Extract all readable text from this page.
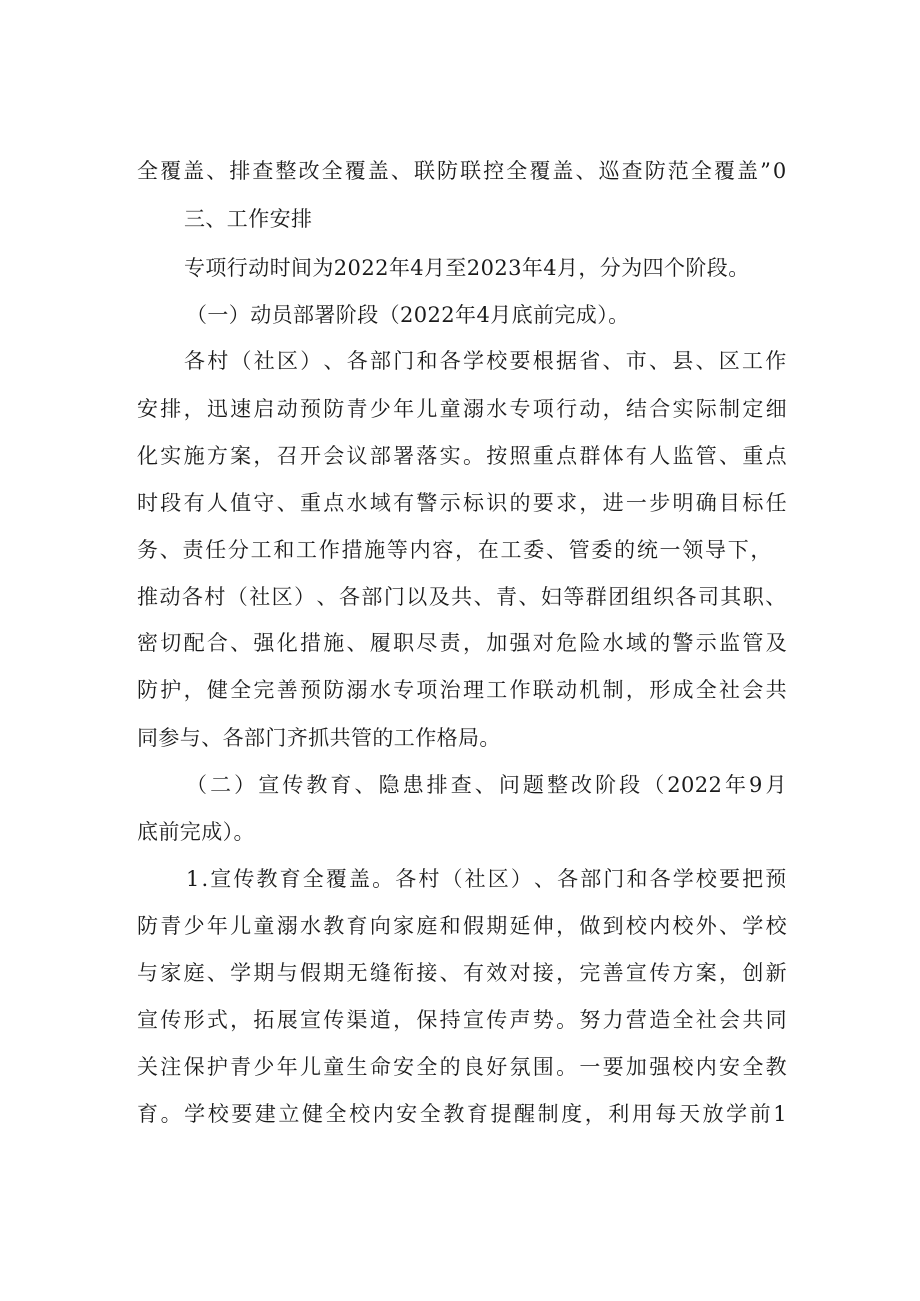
全 覆 盖 、 排 查 整 改 全 覆 盖 、 联 防 联 控 全 覆 盖 、 巡 查 防 范 全 覆 盖 ” 0
三、工作安排
专项行动时间为2022年4月至2023年4月，分为四个阶段。
（一）动员部署阶段（2022年4月底前完成）。
各 村 （ 社 区 ） 、 各 部 门 和 各 学 校 要 根 据 省 、 市 、 县 、 区 工 作
安 排 ， 迅 速 启 动 预 防 青 少 年 儿 童 溺 水 专 项 行 动 ， 结 合 实 际 制 定 细
化 实 施 方 案 ， 召 开 会 议 部 署 落 实 。 按 照 重 点 群 体 有 人 监 管 、 重 点
时 段 有 人 值 守 、 重 点 水 域 有 警 示 标 识 的 要 求 ， 进 一 步 明 确 目 标 任
务 、 责 任 分 工 和 工 作 措 施 等 内 容 ， 在 工 委 、 管 委 的 统 一 领 导 下 ，
推 动 各 村 （ 社 区 ） 、 各 部 门 以 及 共 、 青 、 妇 等 群 团 组 织 各 司 其 职 、
密 切 配 合 、 强 化 措 施 、 履 职 尽 责 ， 加 强 对 危 险 水 域 的 警 示 监 管 及
防 护 ， 健 全 完 善 预 防 溺 水 专 项 治 理 工 作 联 动 机 制 ， 形 成 全 社 会 共
同参与、各部门齐抓共管的工作格局。
（ 二 ） 宣 传 教 育 、 隐 患 排 查 、 问 题 整 改 阶 段 （ 2022 年 9 月
底前完成）。
1 . 宣 传 教 育 全 覆 盖 。 各 村 （ 社 区 ） 、 各 部 门 和 各 学 校 要 把 预
防 青 少 年 儿 童 溺 水 教 育 向 家 庭 和 假 期 延 伸 ， 做 到 校 内 校 外 、 学 校
与 家 庭 、 学 期 与 假 期 无 缝 衔 接 、 有 效 对 接 ， 完 善 宣 传 方 案 ， 创 新
宣 传 形 式 ， 拓 展 宣 传 渠 道 ， 保 持 宣 传 声 势 。 努 力 营 造 全 社 会 共 同
关 注 保 护 青 少 年 儿 童 生 命 安 全 的 良 好 氛 围 。 一 要 加 强 校 内 安 全 教
育 。 学 校 要 建 立 健 全 校 内 安 全 教 育 提 醒 制 度 ， 利 用 每 天 放 学 前 1
